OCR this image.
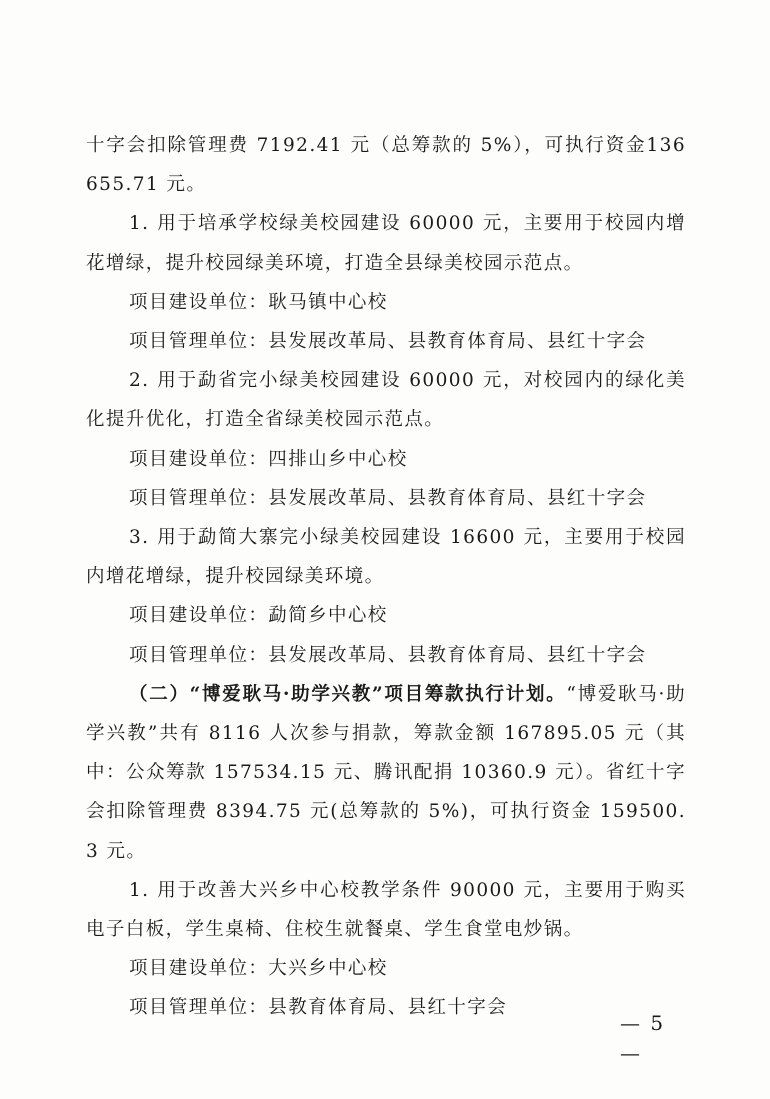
十字会扣除管理费 7192.41 元（总筹款的 5%），可执行资金136655.71 元。

1. 用于培承学校绿美校园建设 60000 元，主要用于校园内增花增绿，提升校园绿美环境，打造全县绿美校园示范点。

项目建设单位：耿马镇中心校

项目管理单位：县发展改革局、县教育体育局、县红十字会

2. 用于勐省完小绿美校园建设 60000 元，对校园内的绿化美化提升优化，打造全省绿美校园示范点。

项目建设单位：四排山乡中心校

项目管理单位：县发展改革局、县教育体育局、县红十字会

3. 用于勐简大寨完小绿美校园建设 16600 元，主要用于校园内增花增绿，提升校园绿美环境。

项目建设单位：勐简乡中心校

项目管理单位：县发展改革局、县教育体育局、县红十字会

（二）“博爱耿马·助学兴教”项目筹款执行计划。“博爱耿马·助学兴教”共有 8116 人次参与捐款，筹款金额 167895.05 元（其中：公众筹款 157534.15 元、腾讯配捐 10360.9 元）。省红十字会扣除管理费 8394.75 元(总筹款的 5%)，可执行资金 159500.3 元。

1. 用于改善大兴乡中心校教学条件 90000 元，主要用于购买电子白板，学生桌椅、住校生就餐桌、学生食堂电炒锅。

项目建设单位：大兴乡中心校

项目管理单位：县教育体育局、县红十字会

— 5 —
